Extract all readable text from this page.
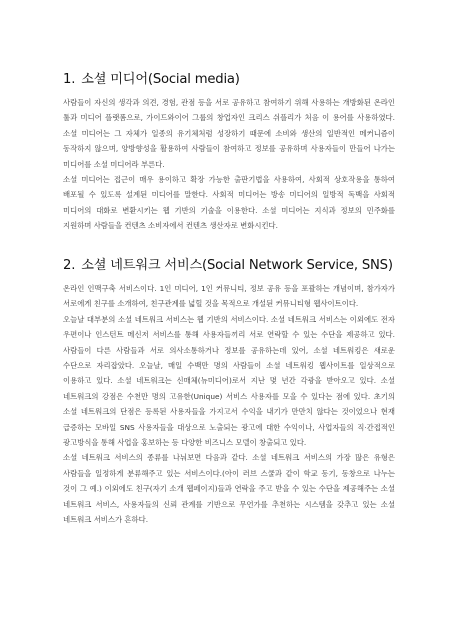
1. 소셜 미디어(Social media)

사람들이 자신의 생각과 의견, 경험, 관점 등을 서로 공유하고 참여하기 위해 사용하는 개방화된 온라인 툴과 미디어 플랫폼으로, 가이드와이어 그룹의 창업자인 크리스 쉬플리가 처음 이 용어를 사용하였다. 소셜 미디어는 그 자체가 일종의 유기체처럼 성장하기 때문에 소비와 생산의 일반적인 메커니즘이 동작하지 않으며, 양방향성을 활용하여 사람들이 참여하고 정보를 공유하며 사용자들이 만들어 나가는 미디어를 소셜 미디어라 부른다.

소셜 미디어는 접근이 매우 용이하고 확장 가능한 출판기법을 사용하여, 사회적 상호작용을 통하여 배포될 수 있도록 설계된 미디어를 말한다. 사회적 미디어는 방송 미디어의 일방적 독백을 사회적 미디어의 대화로 변환시키는 웹 기반의 기술을 이용한다. 소셜 미디어는 지식과 정보의 민주화를 지원하며 사람들을 컨텐츠 소비자에서 컨텐츠 생산자로 변화시킨다.

2. 소셜 네트워크 서비스(Social Network Service, SNS)

온라인 인맥구축 서비스이다. 1인 미디어, 1인 커뮤니티, 정보 공유 등을 포괄하는 개념이며, 참가자가 서로에게 친구를 소개하여, 친구관계를 넓힐 것을 목적으로 개설된 커뮤니티형 웹사이트이다.

오늘날 대부분의 소셜 네트워크 서비스는 웹 기반의 서비스이다. 소셜 네트워크 서비스는 이외에도 전자 우편이나 인스턴트 메신저 서비스를 통해 사용자들끼리 서로 연락할 수 있는 수단을 제공하고 있다. 사람들이 다른 사람들과 서로 의사소통하거나 정보를 공유하는데 있어, 소셜 네트워킹은 새로운 수단으로 자리잡았다. 오늘날, 매일 수백만 명의 사람들이 소셜 네트워킹 웹사이트를 일상적으로 이용하고 있다. 소셜 네트워크는 신매체(뉴미디어)로서 지난 몇 년간 각광을 받아오고 있다. 소셜 네트워크의 강점은 수천만 명의 고유한(Unique) 서비스 사용자를 모을 수 있다는 점에 있다. 초기의 소셜 네트워크의 단점은 등록된 사용자들을 가지고서 수익을 내기가 만만치 않다는 것이었으나 현재 급증하는 모바일 SNS 사용자들을 대상으로 노출되는 광고에 대한 수익이나, 사업자들의 직·간접적인 광고방식을 통해 사업을 홍보하는 등 다양한 비즈니스 모델이 창출되고 있다.

소셜 네트워크 서비스의 종류를 나눠보면 다음과 같다. 소셜 네트워크 서비스의 가장 많은 유형은 사람들을 일정하게 분류해주고 있는 서비스이다.(아이 러브 스쿨과 같이 학교 동기, 동창으로 나누는 것이 그 예.) 이외에도 친구(자기 소개 웹페이지)들과 연락을 주고 받을 수 있는 수단을 제공해주는 소셜 네트워크 서비스, 사용자들의 신뢰 관계를 기반으로 무언가를 추천하는 시스템을 갖추고 있는 소셜 네트워크 서비스가 흔하다.
